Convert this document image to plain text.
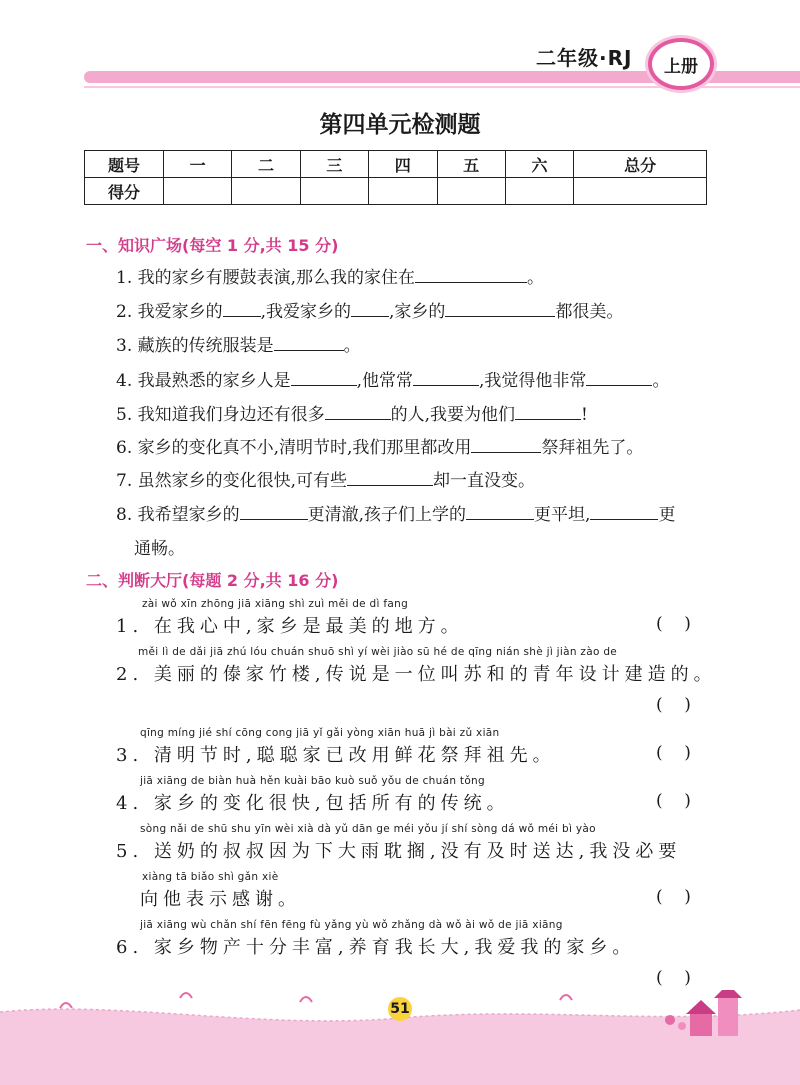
二年级·RJ 上册
第四单元检测题
题号	一	二	三	四	五	六	总分
得分							
一、知识广场(每空 1 分,共 15 分)
1. 我的家乡有腰鼓表演,那么我的家住在	。
2. 我爱家乡的 ,我爱家乡的 ,家乡的	都很美。
3. 藏族的传统服装是	。
4. 我最熟悉的家乡人是	,他常常	,我觉得他非常	。
5. 我知道我们身边还有很多	的人,我要为他们	!
6. 家乡的变化真不小,清明节时,我们那里都改用	祭拜祖先了。
7. 虽然家乡的变化很快,可有些	却一直没变。
8. 我希望家乡的	更清澈,孩子们上学的	更平坦,	更
通畅。
二、判断大厅(每题 2 分,共 16 分)
zài wǒ xīn zhōng jiā xiāng shì zuì měi de dì fang
1. 在我心中,家乡是最美的地方。	(    )
měi lì de dǎi jiā zhú lóu chuán shuō shì yí wèi jiào sū hé de qīng nián shè jì jiàn zào de
2. 美丽的傣家竹楼,传说是一位叫苏和的青年设计建造的。
(    )
qīng míng jié shí cōng cong jiā yǐ gǎi yòng xiān huā jì bài zǔ xiān
3. 清明节时,聪聪家已改用鲜花祭拜祖先。	(    )
jiā xiāng de biàn huà hěn kuài bāo kuò suǒ yǒu de chuán tǒng
4. 家乡的变化很快,包括所有的传统。	(    )
sòng nǎi de shū shu yīn wèi xià dà yǔ dān ge méi yǒu jí shí sòng dá wǒ méi bì yào
5. 送奶的叔叔因为下大雨耽搁,没有及时送达,我没必要
xiàng tā biǎo shì gǎn xiè
向他表示感谢。	(    )
jiā xiāng wù chǎn shí fēn fēng fù yǎng yù wǒ zhǎng dà wǒ ài wǒ de jiā xiāng
6. 家乡物产十分丰富,养育我长大,我爱我的家乡。
(    )
51
